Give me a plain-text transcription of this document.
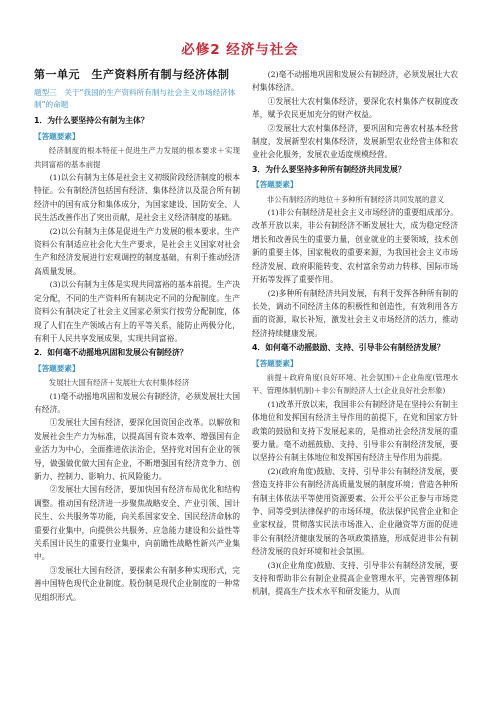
必修2 经济与社会
第一单元　生产资料所有制与经济体制
题型三　关于“我国的生产资料所有制与社会主义市场经济体制”的命题
1．为什么要坚持公有制为主体？
【 答题要素 】

经济制度的根本特征＋促进生产力发展的根本要求＋实现共同富裕的基本前提

(1)以公有制为主体是社会主义初级阶段经济制度的根本特征。公有制经济包括国有经济、集体经济以及混合所有制经济中的国有成分和集体成分，为国家建设、国防安全、人民生活改善作出了突出贡献，是社会主义经济制度的基础。

(2)以公有制为主体是促进生产力发展的根本要求。生产资料公有制适应社会化大生产要求，是社会主义国家对社会生产和经济发展进行宏观调控的制度基础，有利于推动经济高质量发展。

(3)以公有制为主体是实现共同富裕的基本前提。生产决定分配，不同的生产资料所有制决定不同的分配制度。生产资料公有制决定了社会主义国家必须实行按劳分配制度，体现了人们在生产领域占有上的平等关系，能防止两极分化，有利于人民共享发展成果，实现共同富裕。

2．如何毫不动摇地巩固和发展公有制经济？
【 答题要素 】

发展壮大国有经济＋发展壮大农村集体经济

(1)毫不动摇地巩固和发展公有制经济，必须发展壮大国有经济。

①发展壮大国有经济，要深化国资国企改革。以解放和发展社会生产力为标准，以提高国有资本效率、增强国有企业活力为中心，全面推进依法治企，坚持党对国有企业的领导，做强做优做大国有企业，不断增强国有经济竞争力、创新力、控制力、影响力、抗风险能力。

②发展壮大国有经济，要加快国有经济布局优化和结构调整。推动国有经济进一步聚焦战略安全、产业引领、国计民生、公共服务等功能，向关系国家安全、国民经济命脉的重要行业集中，向提供公共服务、应急能力建设和公益性等关系国计民生的重要行业集中，向前瞻性战略性新兴产业集中。

③发展壮大国有经济，要探索公有制多种实现形式，完善中国特色现代企业制度。股份制是现代企业制度的一种常见组织形式。

(2)毫不动摇地巩固和发展公有制经济，必须发展壮大农村集体经济。

①发展壮大农村集体经济，要深化农村集体产权制度改革，赋予农民更加充分的财产权益。

②发展壮大农村集体经济，要巩固和完善农村基本经营制度，发展新型农村集体经济，发展新型农业经营主体和农业社会化服务，发展农业适度规模经营。

3．为什么要坚持多种所有制经济共同发展？
【 答题要素 】

非公有制经济的地位＋多种所有制经济共同发展的意义

(1)非公有制经济是社会主义市场经济的重要组成部分。改革开放以来，非公有制经济不断发展壮大，成为稳定经济增长和改善民生的重要力量，创业就业的主要领域，技术创新的重要主体，国家税收的重要来源，为我国社会主义市场经济发展、政府职能转变、农村富余劳动力转移、国际市场开拓等发挥了重要作用。

(2)多种所有制经济共同发展，有利于发挥各种所有制的长处，调动不同经济主体的积极性和创造性，有效利用各方面的资源，取长补短，激发社会主义市场经济的活力，推动经济持续健康发展。

4．如何毫不动摇鼓励、支持、引导非公有制经济发展？
【 答题要素 】

前提＋政府角度(良好环境、社会氛围)＋企业角度(管理水平、管理体制机制)＋非公有制经济人士(企业良好社会形象)

(1)改革开放以来，我国非公有制经济是在坚持公有制主体地位和发挥国有经济主导作用的前提下，在党和国家方针政策的鼓励和支持下发展起来的，是推动社会经济发展的重要力量。毫不动摇鼓励、支持、引导非公有制经济发展，要以坚持公有制主体地位和发挥国有经济主导作用为前提。

(2)(政府角度)鼓励、支持、引导非公有制经济发展，要营造支持非公有制经济高质量发展的制度环境；营造各种所有制主体依法平等使用资源要素、公开公平公正参与市场竞争、同等受到法律保护的市场环境，依法保护民营企业和企业家权益，贯彻落实民法市场准入、企业融资等方面的促进非公有制经济健康发展的各项政策措施，形成促进非公有制经济发展的良好环境和社会氛围。

(3)(企业角度)鼓励、支持、引导非公有制经济发展，要支持和帮助非公有制企业提高企业管理水平，完善管理体制机制，提高生产技术水平和研发能力，从而
